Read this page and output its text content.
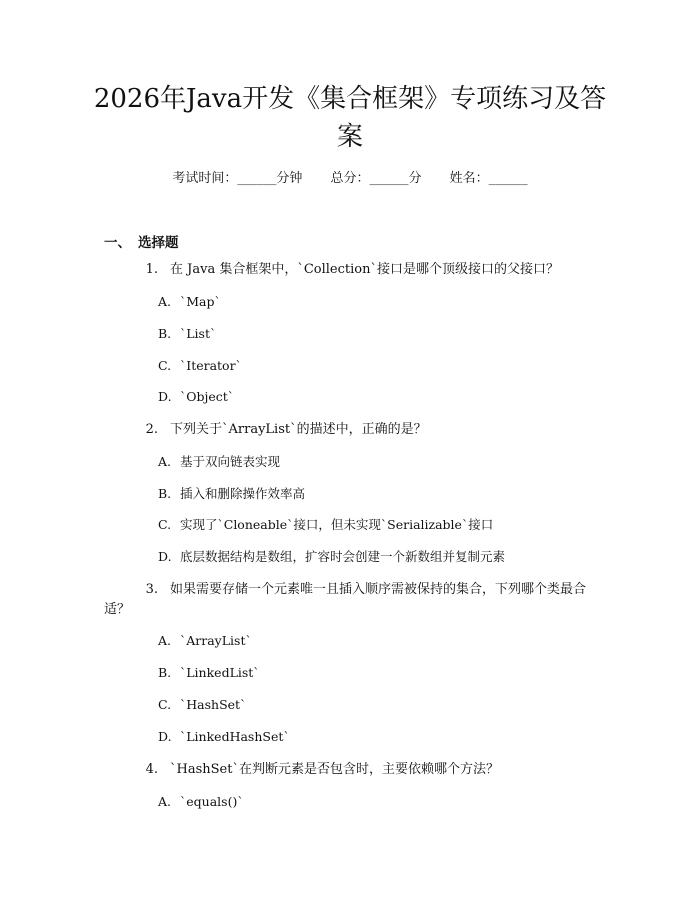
2026年Java开发《集合框架》专项练习及答案
考试时间：______分钟 总分：______分 姓名：______
一、 选择题
1. 在 Java 集合框架中，`Collection`接口是哪个顶级接口的父接口？
A. `Map`
B. `List`
C. `Iterator`
D. `Object`
2. 下列关于`ArrayList`的描述中，正确的是？
A. 基于双向链表实现
B. 插入和删除操作效率高
C. 实现了`Cloneable`接口，但未实现`Serializable`接口
D. 底层数据结构是数组，扩容时会创建一个新数组并复制元素
3. 如果需要存储一个元素唯一且插入顺序需被保持的集合，下列哪个类最合
适？
A. `ArrayList`
B. `LinkedList`
C. `HashSet`
D. `LinkedHashSet`
4. `HashSet`在判断元素是否包含时，主要依赖哪个方法？
A. `equals()`
